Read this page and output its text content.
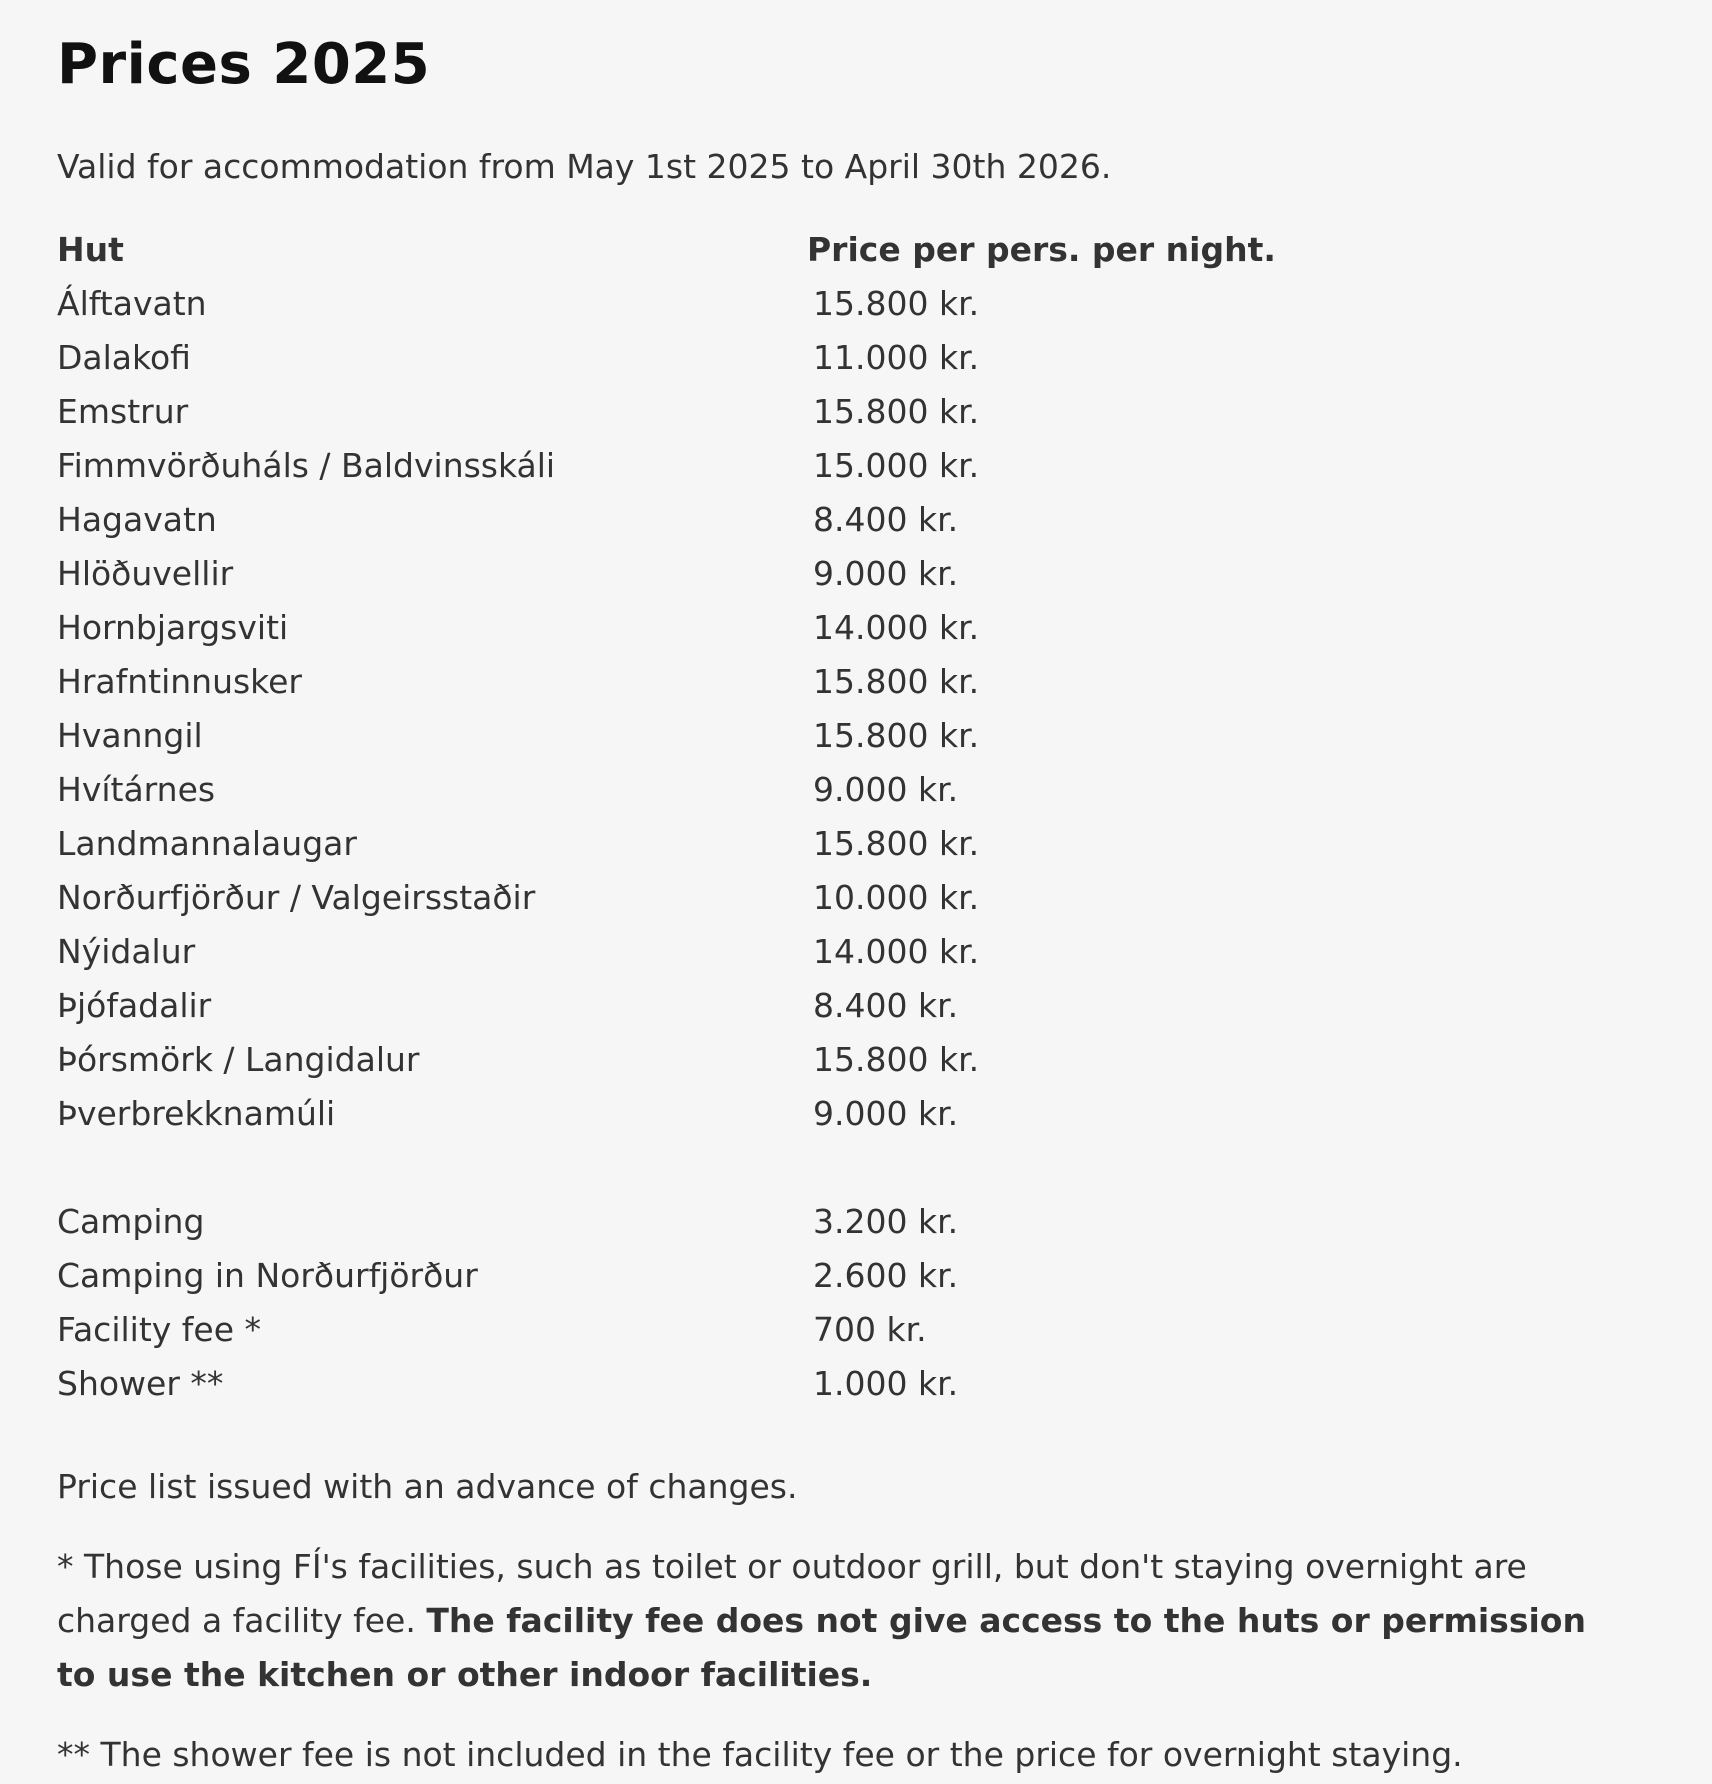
Prices 2025

Valid for accommodation from May 1st 2025 to April 30th 2026.

Hut	Price per pers. per night.
Álftavatn	15.800 kr.
Dalakofi	11.000 kr.
Emstrur	15.800 kr.
Fimmvörðuháls / Baldvinsskáli	15.000 kr.
Hagavatn	8.400 kr.
Hlöðuvellir	9.000 kr.
Hornbjargsviti	14.000 kr.
Hrafntinnusker	15.800 kr.
Hvanngil	15.800 kr.
Hvítárnes	9.000 kr.
Landmannalaugar	15.800 kr.
Norðurfjörður / Valgeirsstaðir	10.000 kr.
Nýidalur	14.000 kr.
Þjófadalir	8.400 kr.
Þórsmörk / Langidalur	15.800 kr.
Þverbrekknamúli	9.000 kr.

Camping	3.200 kr.
Camping in Norðurfjörður	2.600 kr.
Facility fee *	700 kr.
Shower **	1.000 kr.

Price list issued with an advance of changes.

* Those using FÍ's facilities, such as toilet or outdoor grill, but don't staying overnight are charged a facility fee. The facility fee does not give access to the huts or permission to use the kitchen or other indoor facilities.

** The shower fee is not included in the facility fee or the price for overnight staying.
